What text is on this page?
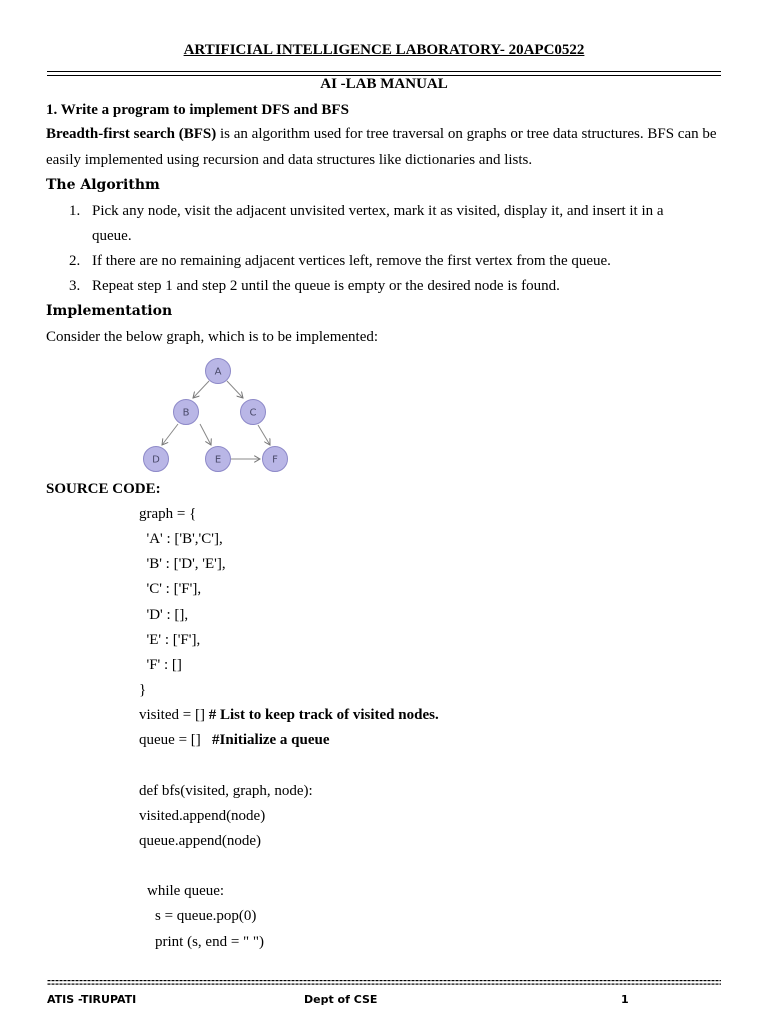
ARTIFICIAL INTELLIGENCE LABORATORY- 20APC0522
AI -LAB MANUAL
1. Write a program to implement DFS and BFS
Breadth-first search (BFS) is an algorithm used for tree traversal on graphs or tree data structures. BFS can be easily implemented using recursion and data structures like dictionaries and lists.
The Algorithm
1. Pick any node, visit the adjacent unvisited vertex, mark it as visited, display it, and insert it in a
queue.
2. If there are no remaining adjacent vertices left, remove the first vertex from the queue.
3. Repeat step 1 and step 2 until the queue is empty or the desired node is found.
Implementation
Consider the below graph, which is to be implemented:
A
B	C
D	E	F
SOURCE CODE:
graph = {
'A' : ['B','C'],
'B' : ['D', 'E'],
'C' : ['F'],
'D' : [],
'E' : ['F'],
'F' : []
}
visited = [] # List to keep track of visited nodes.
queue = []   #Initialize a queue
def bfs(visited, graph, node):
visited.append(node)
queue.append(node)
while queue:
s = queue.pop(0)
print (s, end = " ")
ATIS -TIRUPATI	Dept of CSE	1
